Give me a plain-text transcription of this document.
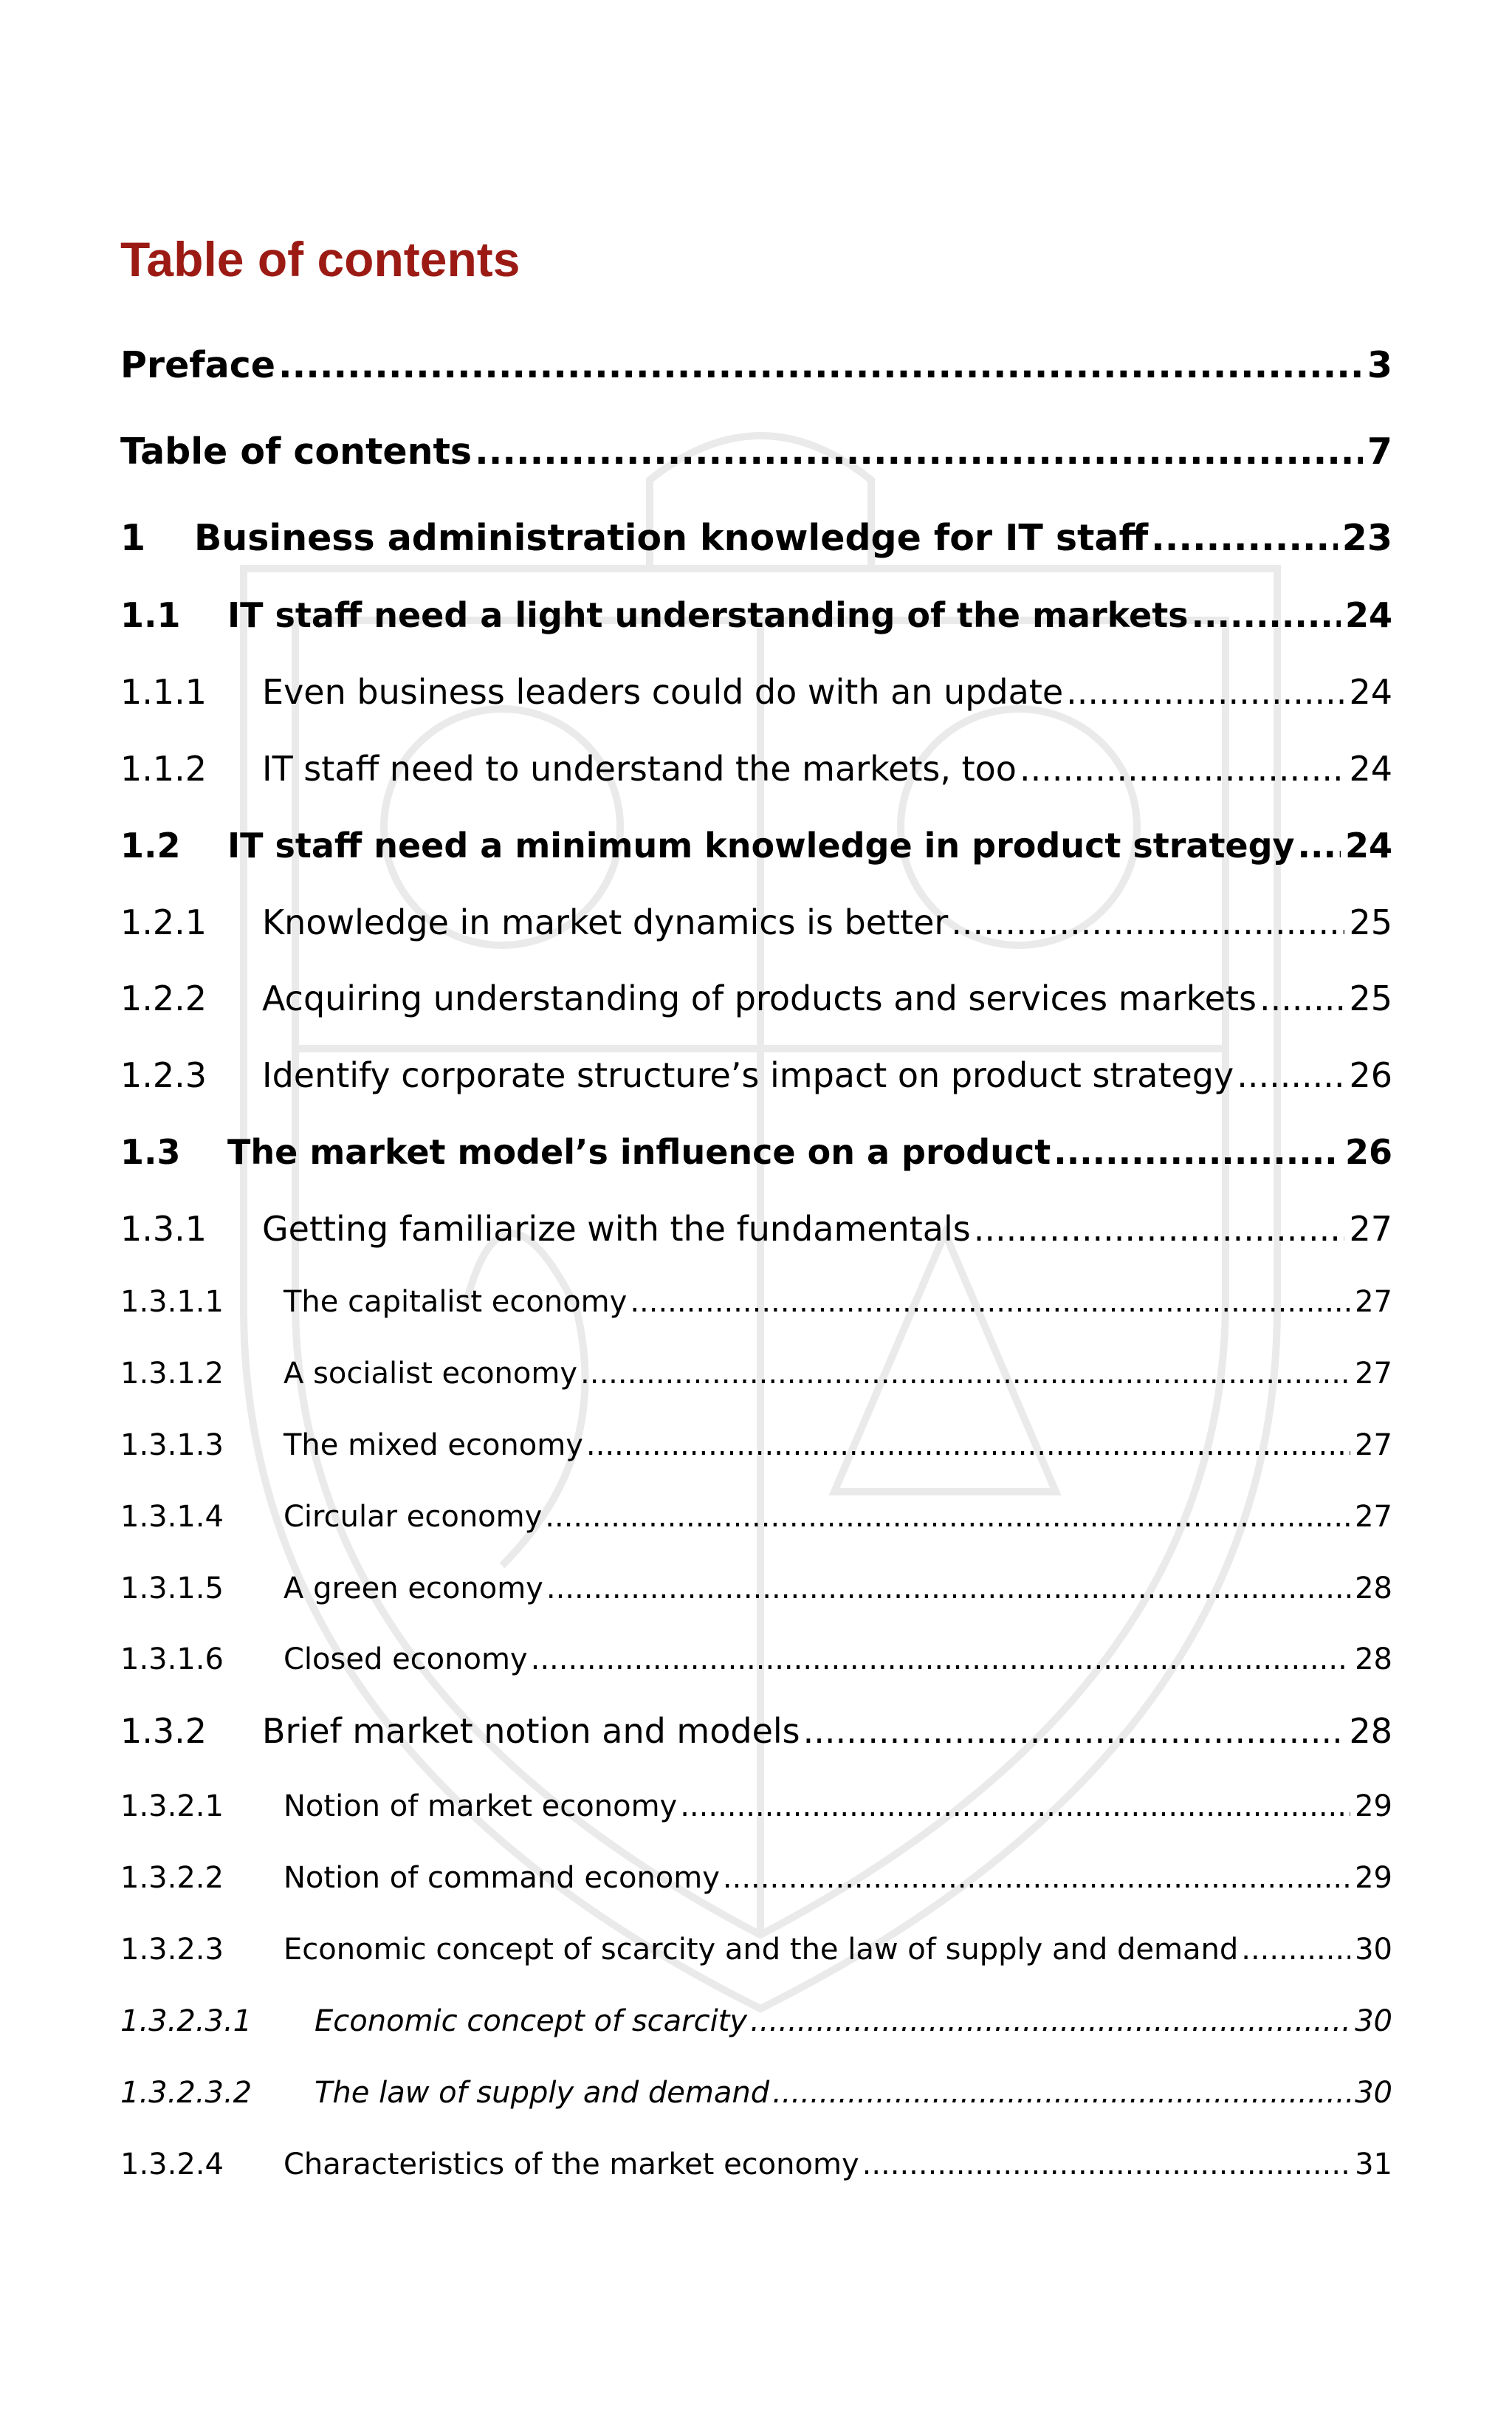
Table of contents
Preface .....	3
Table of contents .....	7
1	Business administration knowledge for IT staff .....	23
1.1	IT staff need a light understanding of the markets .....	24
1.1.1	Even business leaders could do with an update .....	24
1.1.2	IT staff need to understand the markets, too .....	24
1.2	IT staff need a minimum knowledge in product strategy ..... 24
1.2.1	Knowledge in market dynamics is better .....	25
1.2.2	Acquiring understanding of products and services markets .....	25
1.2.3	Identify corporate structure’s impact on product strategy .....	26
1.3	The market model’s influence on a product .....	26
1.3.1	Getting familiarize with the fundamentals .....	27
1.3.1.1	The capitalist economy .....	27
1.3.1.2	A socialist economy .....	27
1.3.1.3	The mixed economy .....	27
1.3.1.4	Circular economy .....	27
1.3.1.5	A green economy .....	28
1.3.1.6	Closed economy .....	28
1.3.2	Brief market notion and models .....	28
1.3.2.1	Notion of market economy .....	29
1.3.2.2	Notion of command economy .....	29
1.3.2.3	Economic concept of scarcity and the law of supply and demand .....	30
1.3.2.3.1	Economic concept of scarcity .....	30
1.3.2.3.2	The law of supply and demand .....	30
1.3.2.4	Characteristics of the market economy .....	31
